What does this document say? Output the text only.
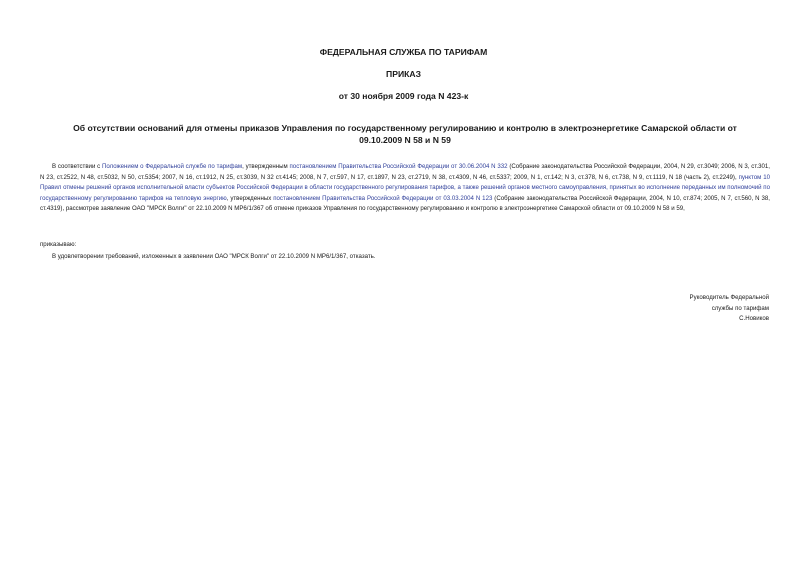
ФЕДЕРАЛЬНАЯ СЛУЖБА ПО ТАРИФАМ

ПРИКАЗ

от 30 ноября 2009 года N 423-к

Об отсутствии оснований для отмены приказов Управления по государственному регулированию и контролю в электроэнергетике Самарской области от 09.10.2009 N 58 и N 59

В соответствии с Положением о Федеральной службе по тарифам, утвержденным постановлением Правительства Российской Федерации от 30.06.2004 N 332 (Собрание законодательства Российской Федерации, 2004, N 29, ст.3049; 2006, N 3, ст.301, N 23, ст.2522, N 48, ст.5032, N 50, ст.5354; 2007, N 16, ст.1912, N 25, ст.3039, N 32 ст.4145; 2008, N 7, ст.597, N 17, ст.1897, N 23, ст.2719, N 38, ст.4309, N 46, ст.5337; 2009, N 1, ст.142; N 3, ст.378, N 6, ст.738, N 9, ст.1119, N 18 (часть 2), ст.2249), пунктом 10 Правил отмены решений органов исполнительной власти субъектов Российской Федерации в области государственного регулирования тарифов, а также решений органов местного самоуправления, принятых во исполнение переданных им полномочий по государственному регулированию тарифов на тепловую энергию, утвержденных постановлением Правительства Российской Федерации от 03.03.2004 N 123 (Собрание законодательства Российской Федерации, 2004, N 10, ст.874; 2005, N 7, ст.560, N 38, ст.4319), рассмотрев заявление ОАО "МРСК Волги" от 22.10.2009 N МР6/1/367 об отмене приказов Управления по государственному регулированию и контролю в электроэнергетике Самарской области от 09.10.2009 N 58 и 59,

приказываю:

В удовлетворении требований, изложенных в заявлении ОАО "МРСК Волги" от 22.10.2009 N МР6/1/367, отказать.

Руководитель Федеральной
службы по тарифам
С.Новиков
